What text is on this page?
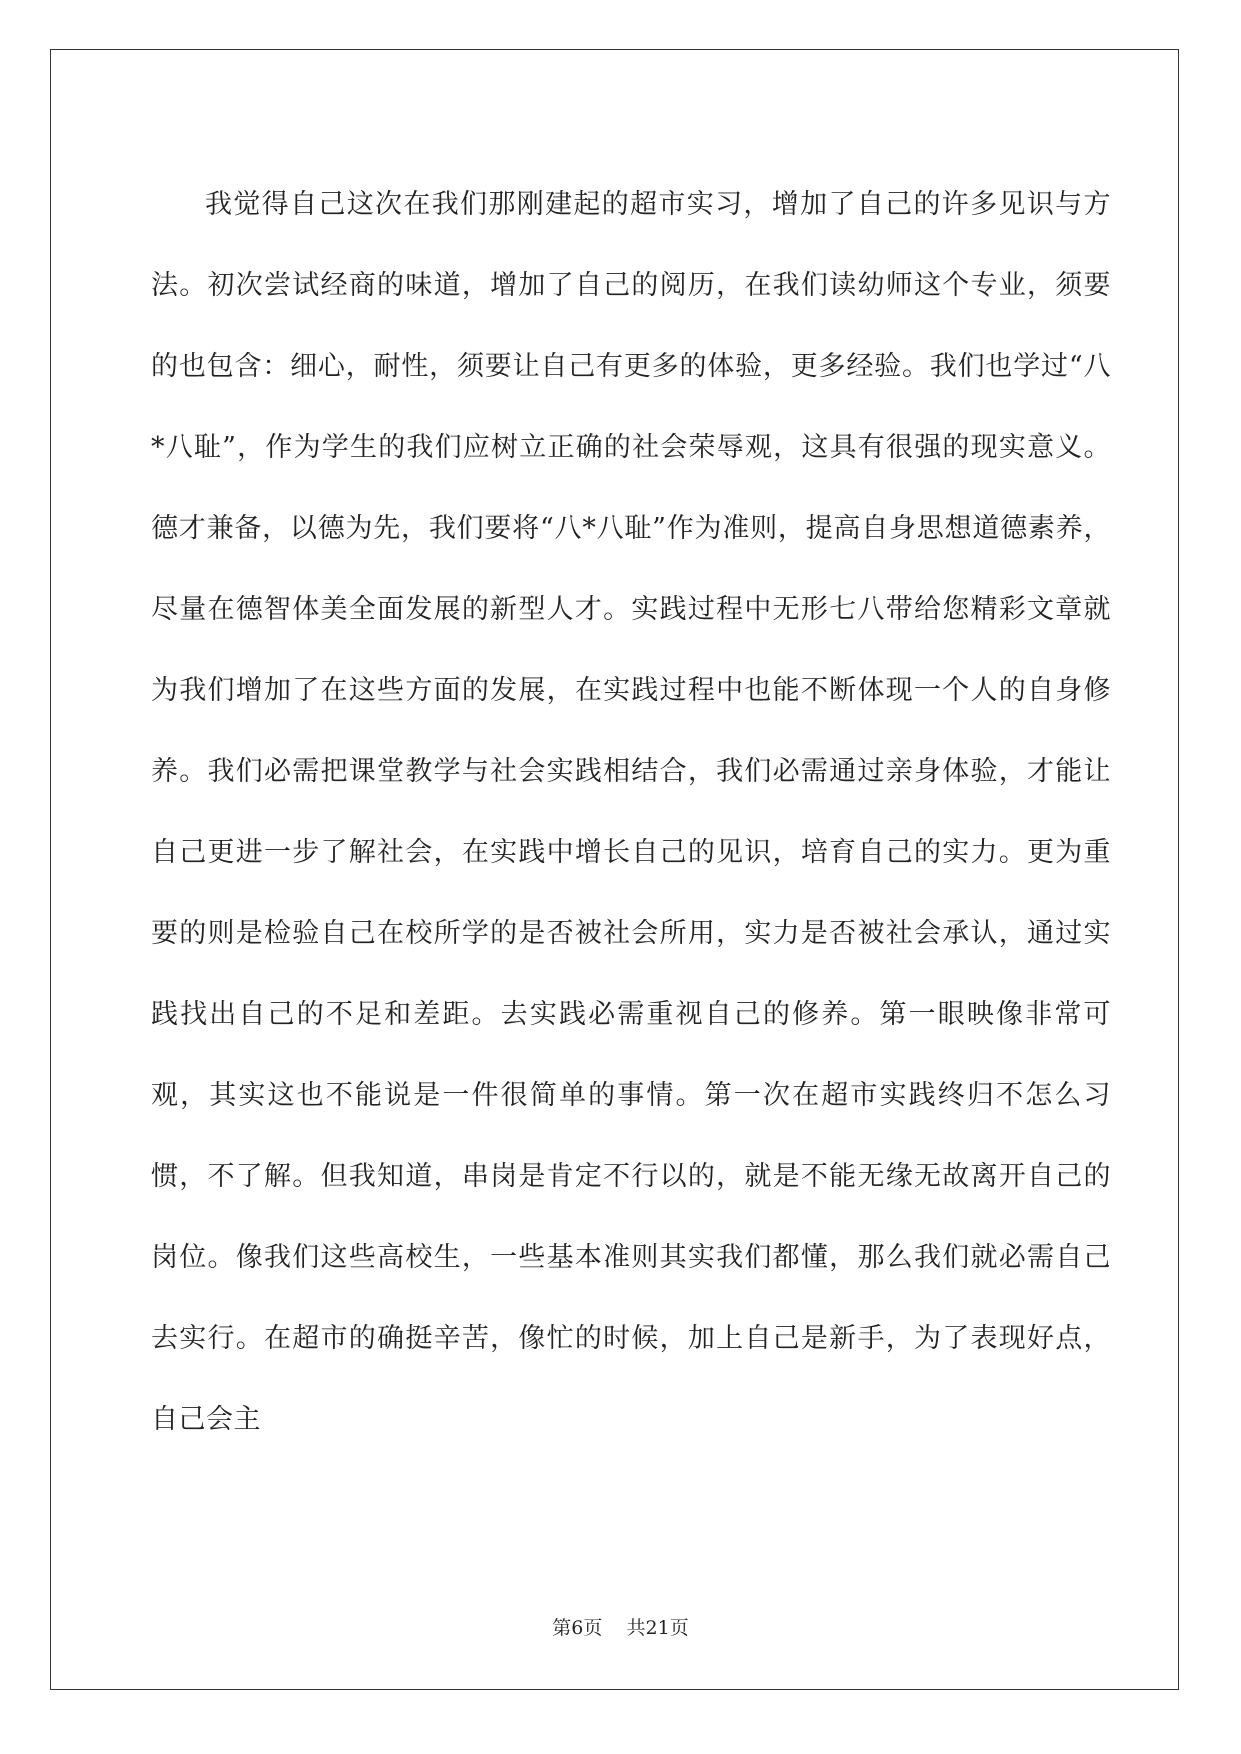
我觉得自己这次在我们那刚建起的超市实习，增加了自己的许多见识与方法。初次尝试经商的味道，增加了自己的阅历，在我们读幼师这个专业，须要的也包含：细心，耐性，须要让自己有更多的体验，更多经验。我们也学过“八*八耻”，作为学生的我们应树立正确的社会荣辱观，这具有很强的现实意义。德才兼备，以德为先，我们要将“八*八耻”作为准则，提高自身思想道德素养，尽量在德智体美全面发展的新型人才。实践过程中无形七八带给您精彩文章就为我们增加了在这些方面的发展，在实践过程中也能不断体现一个人的自身修养。我们必需把课堂教学与社会实践相结合，我们必需通过亲身体验，才能让自己更进一步了解社会，在实践中增长自己的见识，培育自己的实力。更为重要的则是检验自己在校所学的是否被社会所用，实力是否被社会承认，通过实践找出自己的不足和差距。去实践必需重视自己的修养。第一眼映像非常可观，其实这也不能说是一件很简单的事情。第一次在超市实践终归不怎么习惯，不了解。但我知道，串岗是肯定不行以的，就是不能无缘无故离开自己的岗位。像我们这些高校生，一些基本准则其实我们都懂，那么我们就必需自己去实行。在超市的确挺辛苦，像忙的时候，加上自己是新手，为了表现好点，自己会主

第6页    共21页
